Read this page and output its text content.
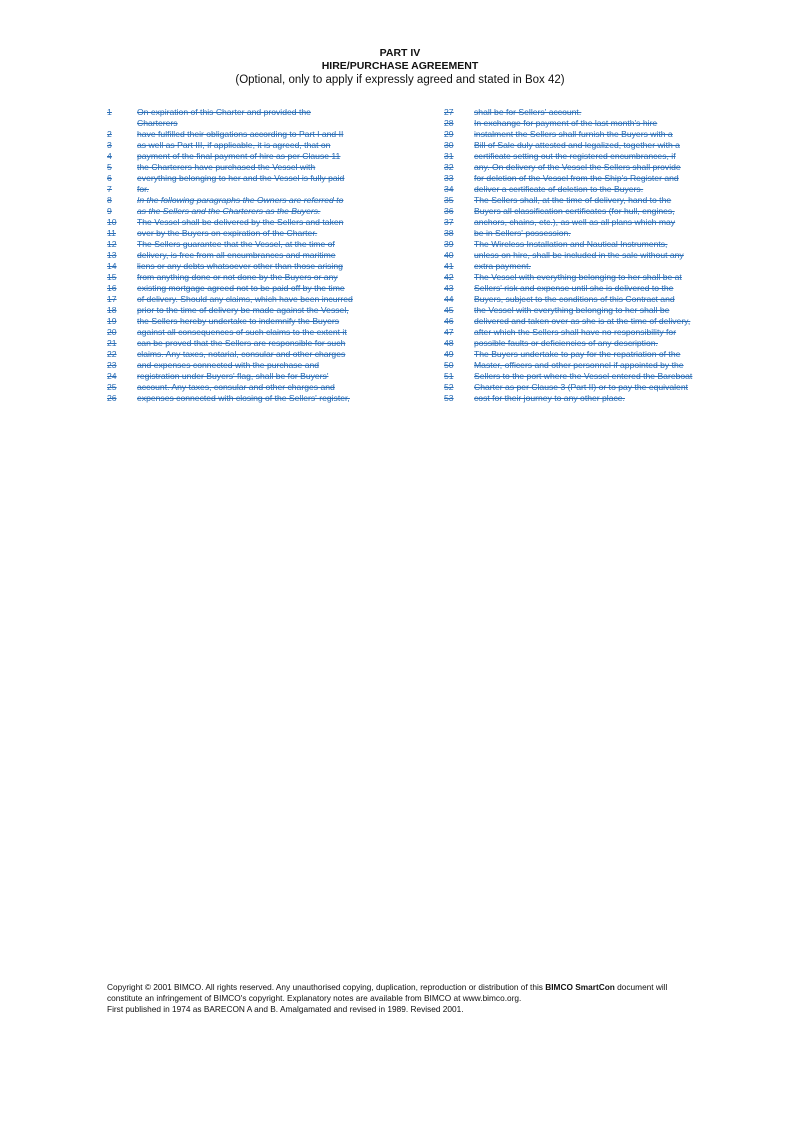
PART IV
HIRE/PURCHASE AGREEMENT
(Optional, only to apply if expressly agreed and stated in Box 42)
1	On expiration of this Charter and provided the
Charterers
2	have fulfilled their obligations according to Part I and II
3	as well as Part III, if applicable, it is agreed, that on
4	payment of the final payment of hire as per Clause 11
5	the Charterers have purchased the Vessel with
6	everything belonging to her and the Vessel is fully paid
7	for.
8	In the following paragraphs the Owners are referred to
9	as the Sellers and the Charterers as the Buyers.
10	The Vessel shall be delivered by the Sellers and taken
11	over by the Buyers on expiration of the Charter.
12	The Sellers guarantee that the Vessel, at the time of
13	delivery, is free from all encumbrances and maritime
14	liens or any debts whatsoever other than those arising
15	from anything done or not done by the Buyers or any
16	existing mortgage agreed not to be paid off by the time
17	of delivery. Should any claims, which have been incurred
18	prior to the time of delivery be made against the Vessel,
19	the Sellers hereby undertake to indemnify the Buyers
20	against all consequences of such claims to the extent it
21	can be proved that the Sellers are responsible for such
22	claims. Any taxes, notarial, consular and other charges
23	and expenses connected with the purchase and
24	registration under Buyers' flag, shall be for Buyers'
25	account. Any taxes, consular and other charges and
26	expenses connected with closing of the Sellers' register,
27	shall be for Sellers' account.
28	In exchange for payment of the last month's hire
29	instalment the Sellers shall furnish the Buyers with a
30	Bill of Sale duly attested and legalized, together with a
31	certificate setting out the registered encumbrances, if
32	any. On delivery of the Vessel the Sellers shall provide
33	for deletion of the Vessel from the Ship's Register and
34	deliver a certificate of deletion to the Buyers.
35	The Sellers shall, at the time of delivery, hand to the
36	Buyers all classification certificates (for hull, engines,
37	anchors, chains, etc.), as well as all plans which may
38	be in Sellers' possession.
39	The Wireless Installation and Nautical Instruments,
40	unless on hire, shall be included in the sale without any
41	extra payment.
42	The Vessel with everything belonging to her shall be at
43	Sellers' risk and expense until she is delivered to the
44	Buyers, subject to the conditions of this Contract and
45	the Vessel with everything belonging to her shall be
46	delivered and taken over as she is at the time of delivery,
47	after which the Sellers shall have no responsibility for
48	possible faults or deficiencies of any description.
49	The Buyers undertake to pay for the repatriation of the
50	Master, officers and other personnel if appointed by the
51	Sellers to the port where the Vessel entered the Bareboat
52	Charter as per Clause 3 (Part II) or to pay the equivalent
53	cost for their journey to any other place.
Copyright © 2001 BIMCO. All rights reserved. Any unauthorised copying, duplication, reproduction or distribution of this BIMCO SmartCon document will
constitute an infringement of BIMCO's copyright. Explanatory notes are available from BIMCO at www.bimco.org.
First published in 1974 as BARECON A and B. Amalgamated and revised in 1989. Revised 2001.
